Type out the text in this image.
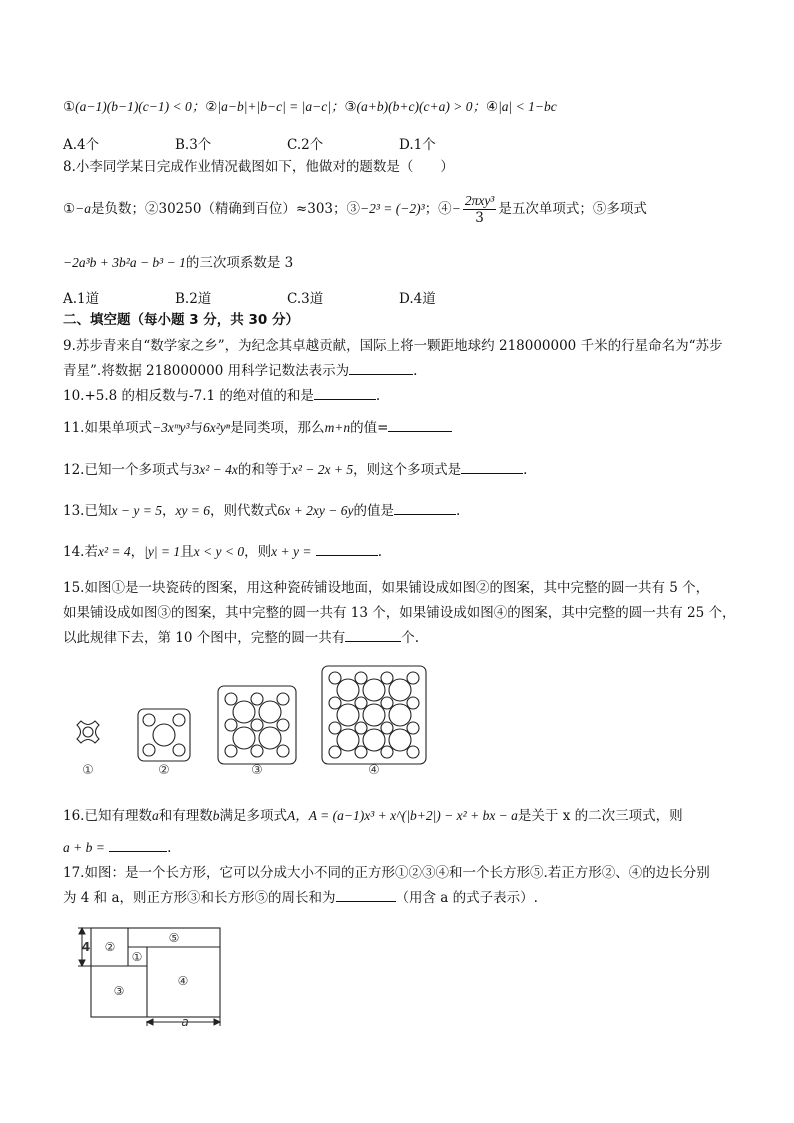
①(a−1)(b−1)(c−1) < 0；②|a−b|+|b−c| = |a−c|；③(a+b)(b+c)(c+a) > 0；④|a| < 1−bc
A.4个	B.3个	C.2个	D.1个
8.小李同学某日完成作业情况截图如下，他做对的题数是（　　）
①−a是负数；②30250（精确到百位）≈303；③−2³ = (−2)³；④− $\frac{\text{2πxy³}}{3}$ 是五次单项式；⑤多项式
−2a³b + 3b²a − b³ − 1的三次项系数是 3
A.1道	B.2道	C.3道	D.4道
二、填空题（每小题 3 分，共 30 分）
9.苏步青来自“数学家之乡”，为纪念其卓越贡献，国际上将一颗距地球约 218000000 千米的行星命名为“苏步
青星”.将数据 218000000 用科学记数法表示为	.
10.+5.8 的相反数与-7.1 的绝对值的和是	.
11.如果单项式−3xᵐy³与6x²yⁿ是同类项，那么m+n的值=
12.已知一个多项式与3x² − 4x的和等于x² − 2x + 5，则这个多项式是	.
13.已知x − y = 5，xy = 6，则代数式6x + 2xy − 6y的值是	.
14.若x² = 4，|y| = 1且x < y < 0，则x + y =	.
15.如图①是一块瓷砖的图案，用这种瓷砖铺设地面，如果铺设成如图②的图案，其中完整的圆一共有 5 个，
如果铺设成如图③的图案，其中完整的圆一共有 13 个，如果铺设成如图④的图案，其中完整的圆一共有 25 个，
以此规律下去，第 10 个图中，完整的圆一共有	个.
①	②	③	④
16.已知有理数a和有理数b满足多项式A，A = (a−1)x³ + x^(|b+2|) − x² + bx − a是关于 x 的二次三项式，则
a + b =	.
17.如图：是一个长方形，它可以分成大小不同的正方形①②③④和一个长方形⑤.若正方形②、④的边长分别
为 4 和 a，则正方形③和长方形⑤的周长和为	（用含 a 的式子表示）.
4 ②
⑤
①
③
④
a
